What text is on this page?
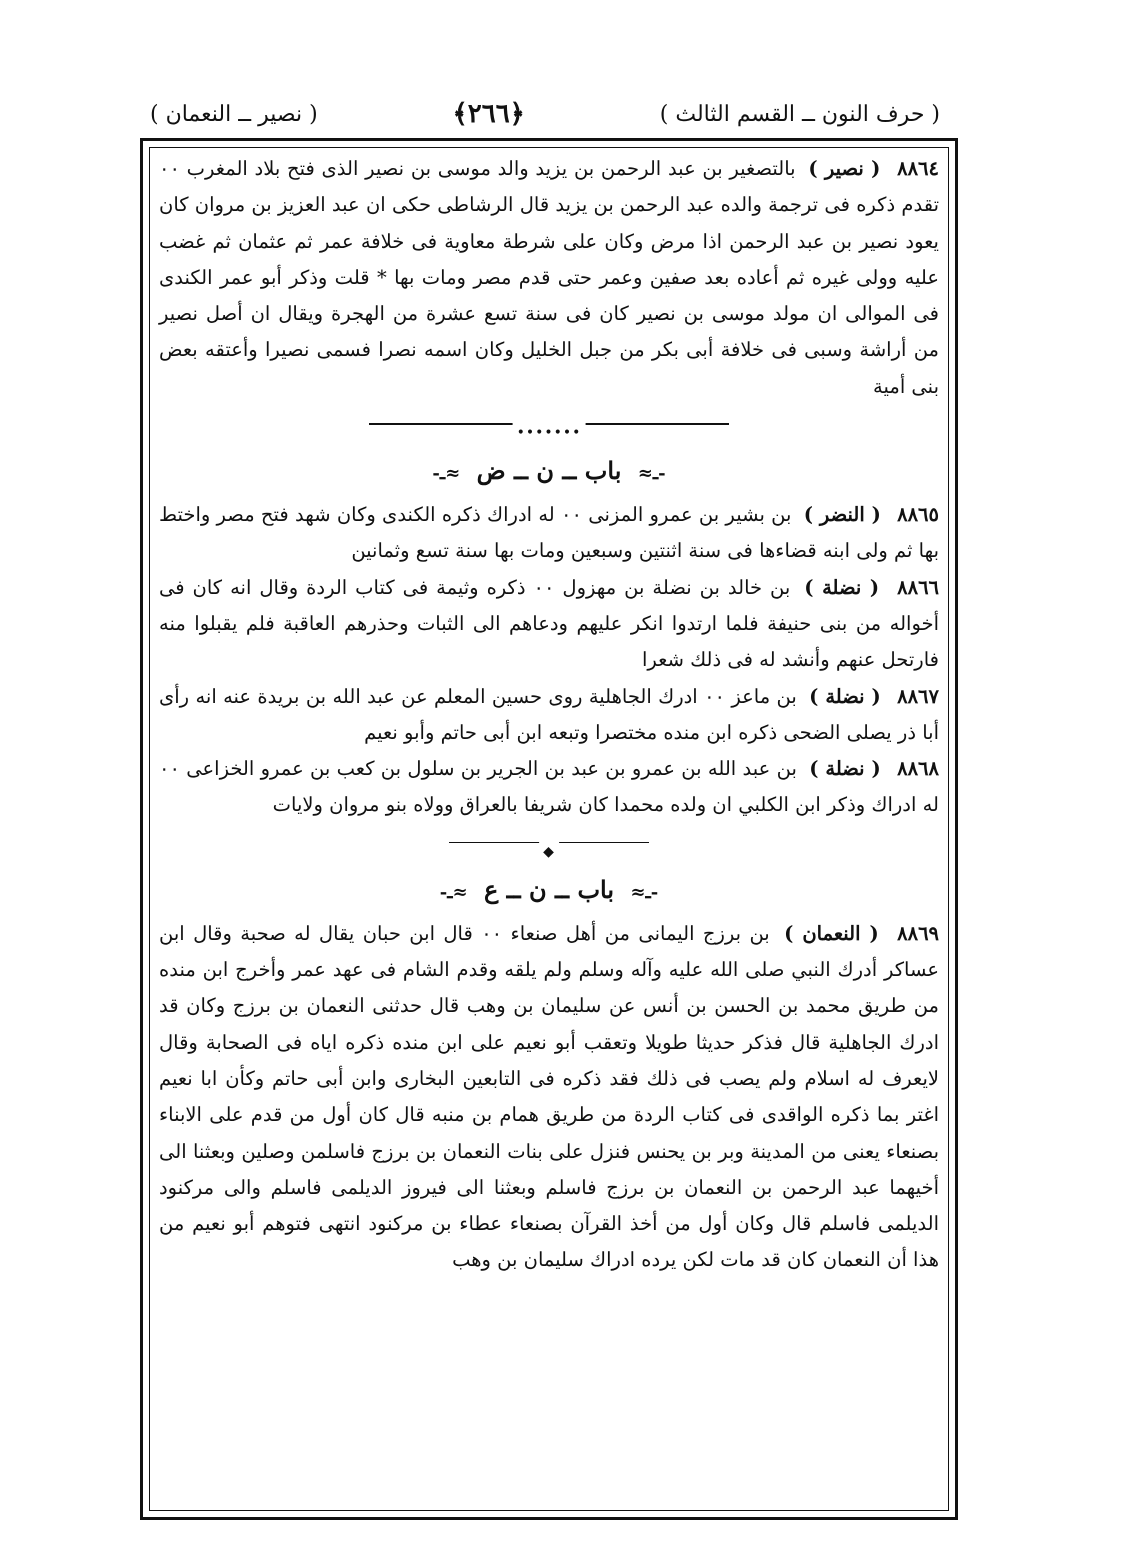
( حرف النون ــ القسم الثالث )
﴿٢٦٦﴾
( نصير ــ النعمان )

٨٨٦٤ ( نصير ) بالتصغير بن عبد الرحمن بن يزيد والد موسى بن نصير الذى فتح بلاد المغرب ٠٠ تقدم ذكره فى ترجمة والده عبد الرحمن بن يزيد قال الرشاطى حكى ان عبد العزيز بن مروان كان يعود نصير بن عبد الرحمن اذا مرض وكان على شرطة معاوية فى خلافة عمر ثم عثمان ثم غضب عليه وولى غيره ثم أعاده بعد صفين وعمر حتى قدم مصر ومات بها * قلت وذكر أبو عمر الكندى فى الموالى ان مولد موسى بن نصير كان فى سنة تسع عشرة من الهجرة ويقال ان أصل نصير من أراشة وسبى فى خلافة أبى بكر من جبل الخليل وكان اسمه نصرا فسمى نصيرا وأعتقه بعض بنى أمية

•••••••
-ـ≈ باب ــ ن ــ ض ≈ـ-

٨٨٦٥ ( النضر ) بن بشير بن عمرو المزنى ٠٠ له ادراك ذكره الكندى وكان شهد فتح مصر واختط بها ثم ولى ابنه قضاءها فى سنة اثنتين وسبعين ومات بها سنة تسع وثمانين

٨٨٦٦ ( نضلة ) بن خالد بن نضلة بن مهزول ٠٠ ذكره وثيمة فى كتاب الردة وقال انه كان فى أخواله من بنى حنيفة فلما ارتدوا انكر عليهم ودعاهم الى الثبات وحذرهم العاقبة فلم يقبلوا منه فارتحل عنهم وأنشد له فى ذلك شعرا

٨٨٦٧ ( نضلة ) بن ماعز ٠٠ ادرك الجاهلية روى حسين المعلم عن عبد الله بن بريدة عنه انه رأى أبا ذر يصلى الضحى ذكره ابن منده مختصرا وتبعه ابن أبى حاتم وأبو نعيم

٨٨٦٨ ( نضلة ) بن عبد الله بن عمرو بن عبد بن الجرير بن سلول بن كعب بن عمرو الخزاعى ٠٠ له ادراك وذكر ابن الكلبي ان ولده محمدا كان شريفا بالعراق وولاه بنو مروان ولايات

◆
-ـ≈ باب ــ ن ــ ع ≈ـ-

٨٨٦٩ ( النعمان ) بن برزج اليمانى من أهل صنعاء ٠٠ قال ابن حبان يقال له صحبة وقال ابن عساكر أدرك النبي صلى الله عليه وآله وسلم ولم يلقه وقدم الشام فى عهد عمر وأخرج ابن منده من طريق محمد بن الحسن بن أنس عن سليمان بن وهب قال حدثنى النعمان بن برزج وكان قد ادرك الجاهلية قال فذكر حديثا طويلا وتعقب أبو نعيم على ابن منده ذكره اياه فى الصحابة وقال لايعرف له اسلام ولم يصب فى ذلك فقد ذكره فى التابعين البخارى وابن أبى حاتم وكأن ابا نعيم اغتر بما ذكره الواقدى فى كتاب الردة من طريق همام بن منبه قال كان أول من قدم على الابناء بصنعاء يعنى من المدينة وبر بن يحنس فنزل على بنات النعمان بن برزج فاسلمن وصلين وبعثنا الى أخيهما عبد الرحمن بن النعمان بن برزج فاسلم وبعثنا الى فيروز الديلمى فاسلم والى مركنود الديلمى فاسلم قال وكان أول من أخذ القرآن بصنعاء عطاء بن مركنود انتهى فتوهم أبو نعيم من هذا أن النعمان كان قد مات لكن يرده ادراك سليمان بن وهب
